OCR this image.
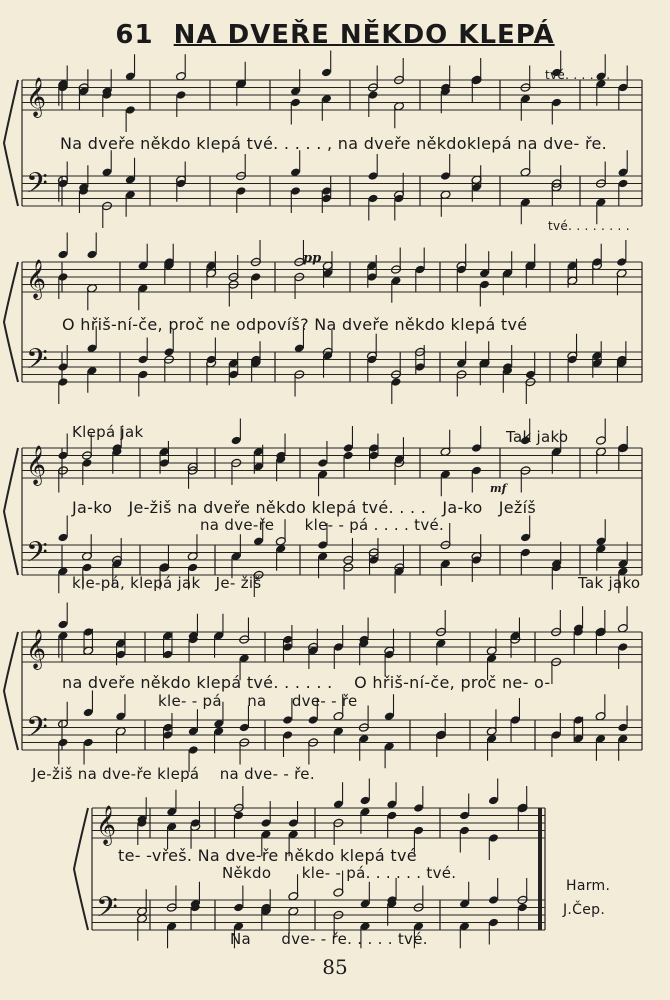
61 NA DVEŘE NĚKDO KLEPÁ
𝄞
𝄢
𝄞
𝄢
𝄞
𝄢
𝄞
𝄢
𝄞
𝄢
tvé. . . . . .
Na dveře někdo klepá tvé. . . . . , na dveře někdoklepá na dve- ře.
tvé. . . . . . . .
pp
O hřiš-ní-če, proč ne odpovíš? Na dveře někdo klepá tvé
Klepá jak	Tak jako
mf
Ja-ko   Je-žiš na dveře někdo klepá tvé. . . .   Ja-ko   Ježíš
na dve-ře      kle- - pá . . . . tvé.
kle-pá, klepá jak   Je- žiš	Tak jako
na dveře někdo klepá tvé. . . . . .    O hřiš-ní-če, proč ne- o-
kle- - pá     na     dve- - ře
Je-žiš na dve-ře klepá    na dve- - ře.
te- -vřeš. Na dve-ře někdo klepá tvé
Někdo      kle- - pá. . . . . . tvé.
Harm.
J.Čep.
Na      dve- - ře. . . . . tvé.
85
